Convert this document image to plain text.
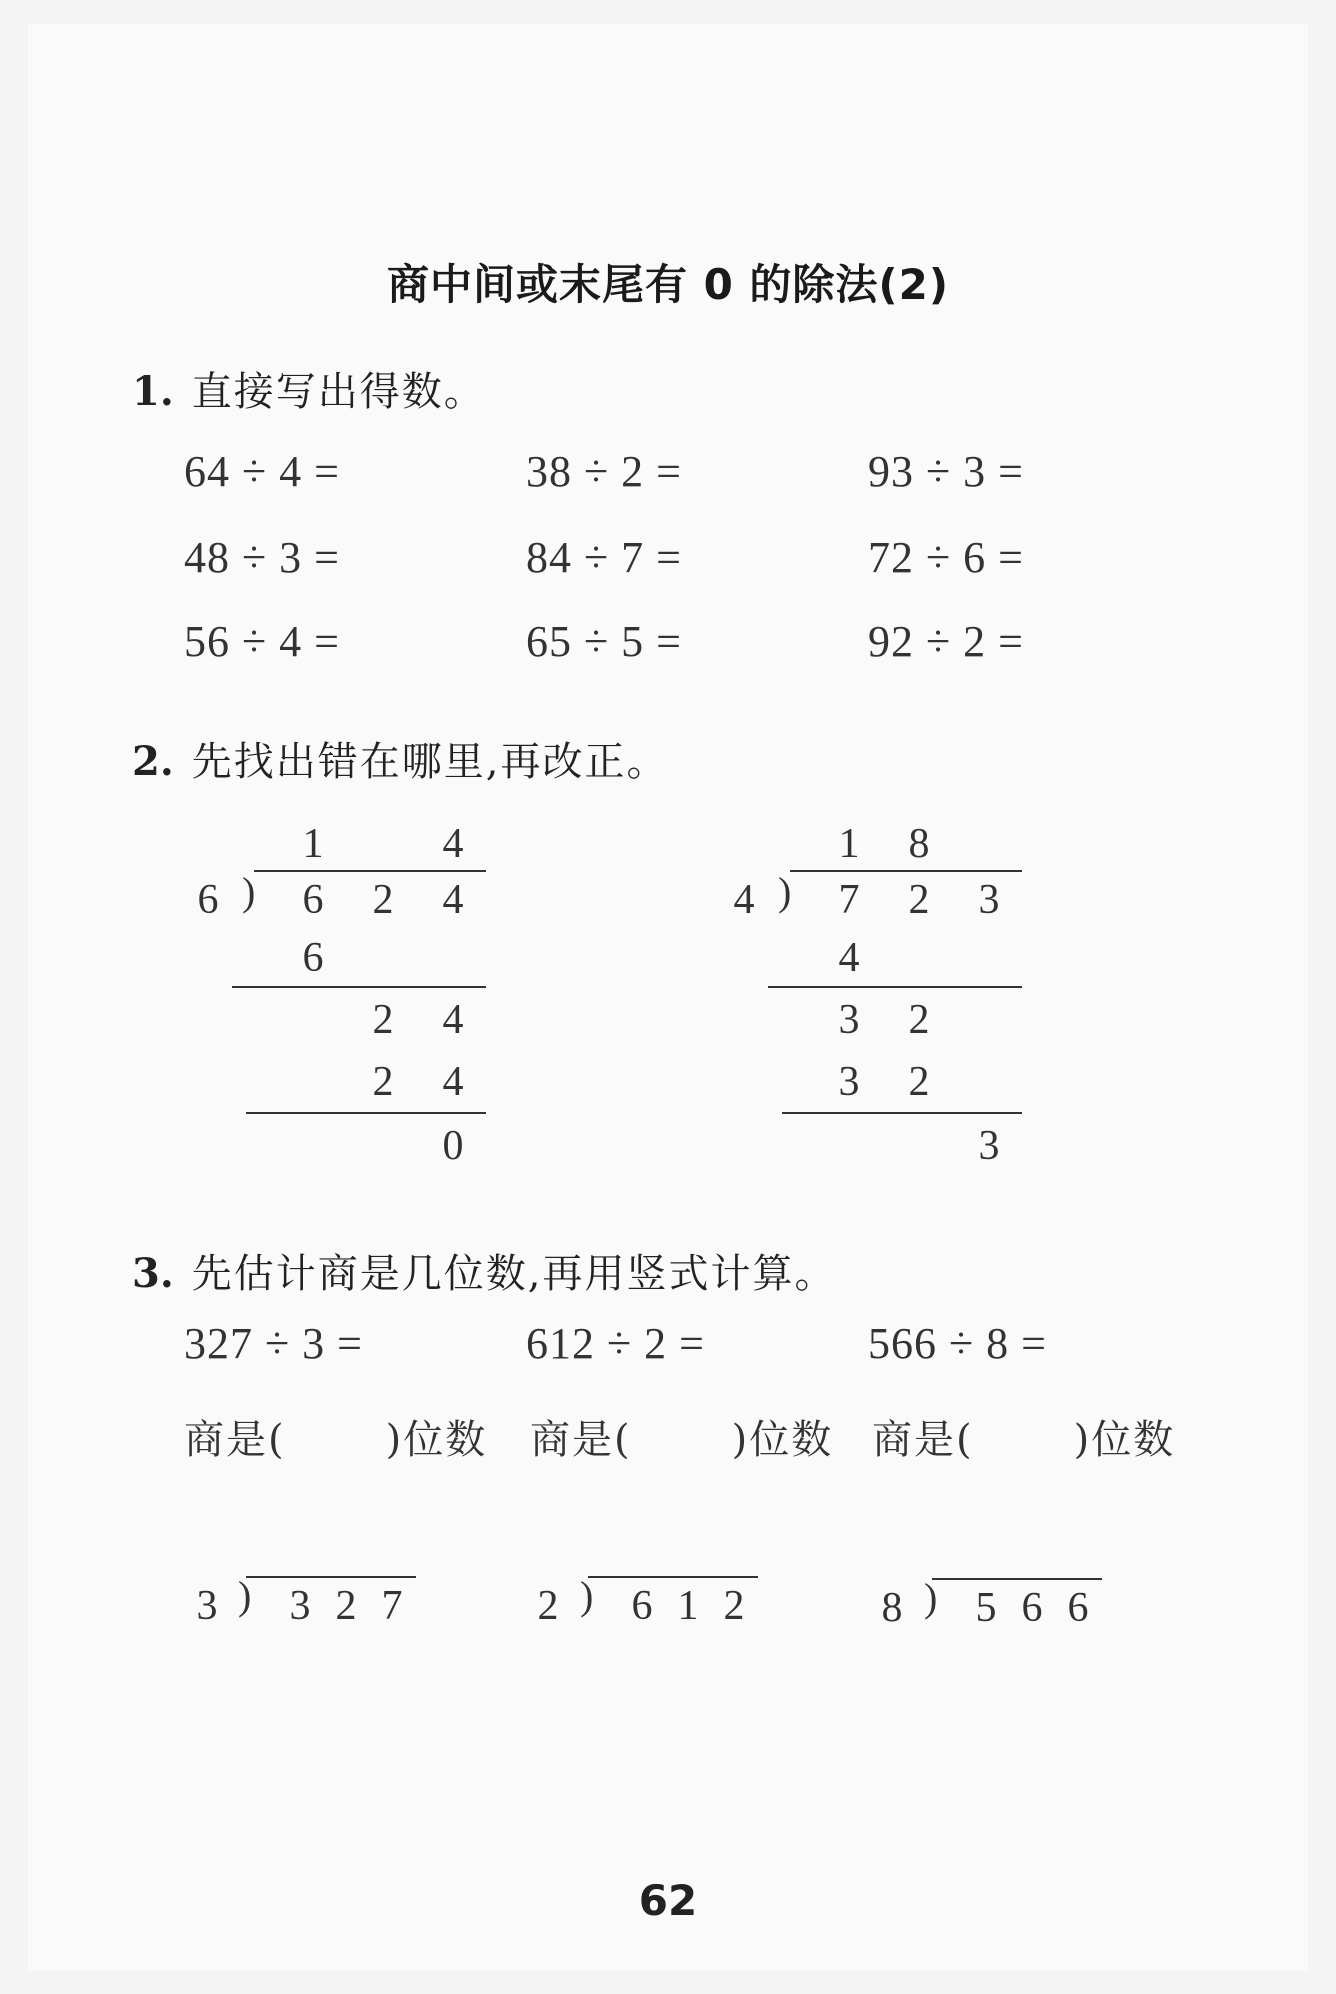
商中间或末尾有 0 的除法(2)
1. 直接写出得数。
64 ÷ 4 =	38 ÷ 2 =	93 ÷ 3 =
48 ÷ 3 =	84 ÷ 7 =	72 ÷ 6 =
56 ÷ 4 =	65 ÷ 5 =	92 ÷ 2 =
2. 先找出错在哪里,再改正。
1	4
6 ) 6 2 4
6
2 4
2 4
0
1 8
4 ) 7 2 3
4
3 2
3 2
3
3. 先估计商是几位数,再用竖式计算。
327 ÷ 3 =	612 ÷ 2 =	566 ÷ 8 =
商是(	)位数 商是(	)位数 商是(	)位数
3 ) 3 2 7	2 ) 6 1 2	8 ) 5 6 6
62
